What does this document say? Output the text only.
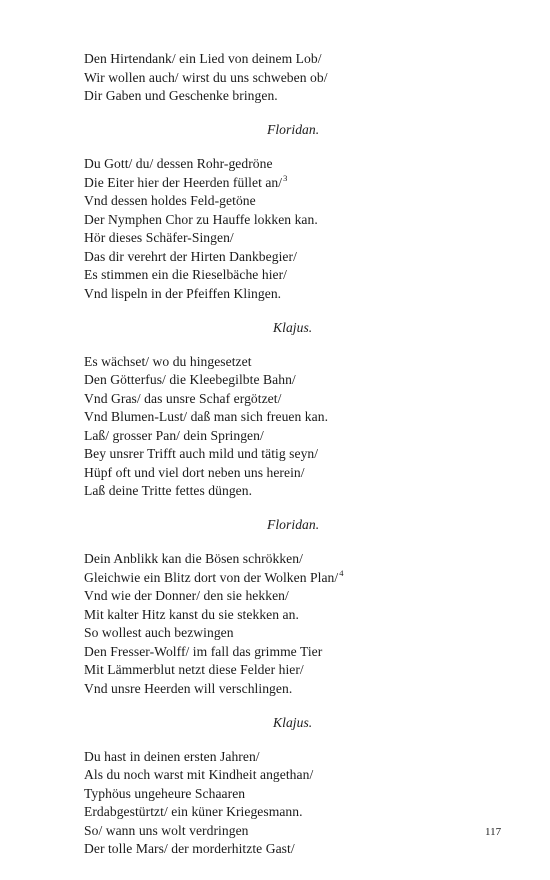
Den Hirtendank/ ein Lied von deinem Lob/
Wir wollen auch/ wirst du uns schweben ob/
Dir Gaben und Geschenke bringen.
Floridan.
Du Gott/ du/ dessen Rohr-gedröne
Die Eiter hier der Heerden füllet an/$^3$
Vnd dessen holdes Feld-getöne
Der Nymphen Chor zu Hauffe lokken kan.
Hör dieses Schäfer-Singen/
Das dir verehrt der Hirten Dankbegier/
Es stimmen ein die Rieselbäche hier/
Vnd lispeln in der Pfeiffen Klingen.
Klajus.
Es wächset/ wo du hingesetzet
Den Götterfus/ die Kleebegilbte Bahn/
Vnd Gras/ das unsre Schaf ergötzet/
Vnd Blumen-Lust/ daß man sich freuen kan.
Laß/ grosser Pan/ dein Springen/
Bey unsrer Trifft auch mild und tätig seyn/
Hüpf oft und viel dort neben uns herein/
Laß deine Tritte fettes düngen.
Floridan.
Dein Anblikk kan die Bösen schrökken/
Gleichwie ein Blitz dort von der Wolken Plan/$^4$
Vnd wie der Donner/ den sie hekken/
Mit kalter Hitz kanst du sie stekken an.
So wollest auch bezwingen
Den Fresser-Wolff/ im fall das grimme Tier
Mit Lämmerblut netzt diese Felder hier/
Vnd unsre Heerden will verschlingen.
Klajus.
Du hast in deinen ersten Jahren/
Als du noch warst mit Kindheit angethan/
Typhöus ungeheure Schaaren
Erdabgestürtzt/ ein küner Kriegesmann.
So/ wann uns wolt verdringen
Der tolle Mars/ der morderhitzte Gast/
117
